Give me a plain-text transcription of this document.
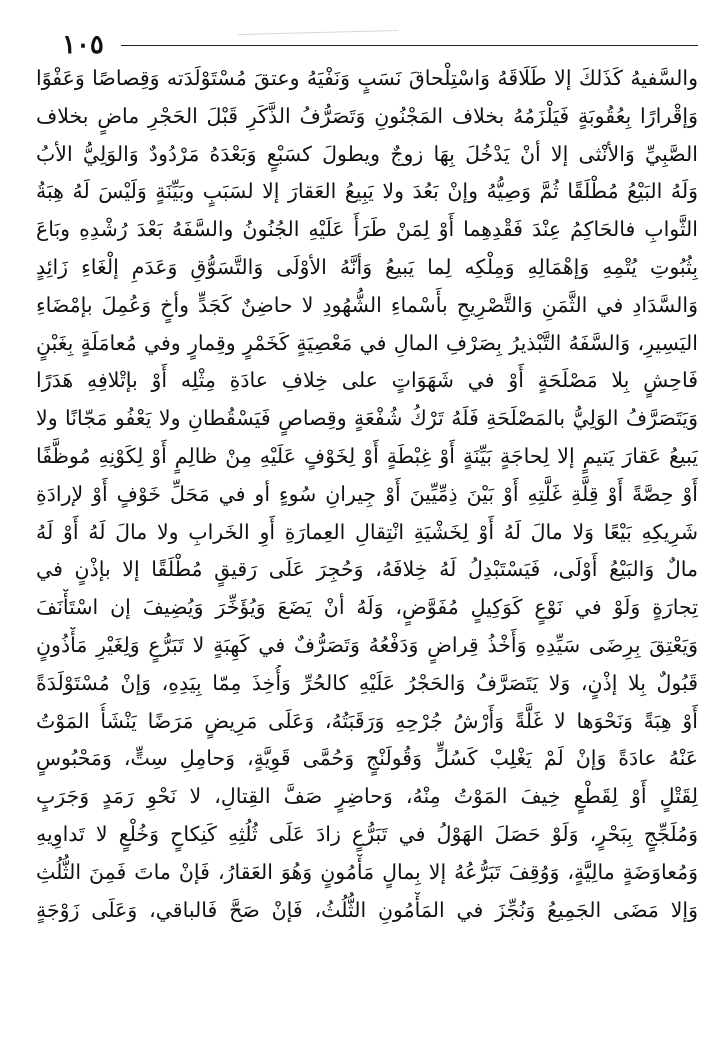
١٠٥
والسَّفيهُ كَذَلكَ إلا طَلَاقَهُ وَاسْتِلْحاقَ نَسَبٍ وَنَفْيَهُ وعتقَ مُسْتَوْلَدَته وَقِصاصًا وَعَفْوًا
وَإقْرارًا بِعُقُوبَةٍ فَيَلْزَمُهُ بخلاف المَجْنُونِ وَتَصَرُّفُ الذَّكَرِ قَبْلَ الحَجْرِ ماضٍ بخلاف
الصَّبِيِّ وَالأنْثى إلا أنْ يَدْخُلَ بِهَا زوجٌ ويطولَ كسَبْعٍ وَبَعْدَهُ مَرْدُودٌ وَالوَلِيُّ الأبُ
وَلَهُ البَيْعُ مُطْلَقًا ثُمَّ وَصِيُّهُ وإنْ بَعُدَ ولا يَبِيعُ العَقارَ إلا لسَبَبٍ وبَيِّنَةٍ وَلَيْسَ لَهُ هِبَةُ
الثَّوابِ فالحَاكِمُ عِنْدَ فَقْدِهِما أَوْ لِمَنْ طَرَأَ عَلَيْهِ الجُنُونُ والسَّفَهُ بَعْدَ رُشْدِهِ وبَاعَ
بِثُبُوتِ يُتْمِهِ وَإهْمَالِهِ وَمِلْكِه لِما يَبيعُ وَأنَّهُ الأوْلَى وَالتَّسَوُّقِ وَعَدَمِ إلْغَاءِ زَائِدٍ
وَالسَّدَادِ في الثَّمَنِ وَالتَّصْرِيحِ بأَسْماءِ الشُّهُودِ لا حاضِنٌ كَجَدٍّ وأخٍ وَعُمِلَ بإمْضَاءِ
اليَسِيرِ، وَالسَّفَهُ التَّبْذيرُ بِصَرْفِ المالِ في مَعْصِيَةٍ كَخَمْرٍ وقِمارٍ وفي مُعامَلَةٍ بِغَبْنٍ
فَاحِشٍ بِلا مَصْلَحَةٍ أَوْ في شَهَوَاتٍ على خِلافِ عادَةِ مِثْلِه أَوْ بإتْلافِهِ هَدَرًا
وَيَتَصَرَّفُ الوَلِيُّ بالمَصْلَحَةِ فَلَهُ تَرْكُ شُفْعَةٍ وقِصاصٍ فَيَسْقُطانِ ولا يَعْفُو مَجّانًا ولا
يَبيعُ عَقارَ يَتيمٍ إلا لِحاجَةٍ بَيِّنَةٍ أَوْ غِبْطَةٍ أَوْ لِخَوْفٍ عَلَيْهِ مِنْ ظالِمٍ أَوْ لِكَوْنِهِ مُوظَّفًا
أَوْ حِصَّةً أَوْ قِلَّةِ غَلَّتِهِ أَوْ بَيْنَ ذِمِّيِّينَ أَوْ جِيرانِ سُوءٍ أو في مَحَلِّ خَوْفٍ أَوْ لإرادَةِ
شَرِيكِهِ بَيْعًا وَلا مالَ لَهُ أَوْ لِخَشْيَةِ انْتِقالِ العِمارَةِ أَوِ الخَرابِ ولا مالَ لَهُ أَوْ لَهُ
مالٌ وَالبَيْعُ أَوْلَى، فَيَسْتَبْدِلُ لَهُ خِلافَهُ، وَحُجِرَ عَلَى رَقيقٍ مُطْلَقًا إلا بإذْنٍ في
تِجارَةٍ وَلَوْ في نَوْعٍ كَوَكِيلٍ مُفَوَّضٍ، وَلَهُ أنْ يَضَعَ وَيُؤَخِّرَ وَيُضِيفَ إن اسْتَأْنَفَ
وَيَعْتِقَ بِرِضَى سَيِّدِهِ وَأَخْذُ قِراضٍ وَدَفْعُهُ وَتَصَرُّفٌ في كَهِبَةٍ لا تَبَرُّعٍ وَلِغَيْرِ مَأْذُونٍ
قَبُولٌ بِلا إذْنٍ، وَلا يَتَصَرَّفُ وَالحَجْرُ عَلَيْهِ كالحُرِّ وَأُخِذَ مِمّا بِيَدِهِ، وَإنْ مُسْتَوْلَدَةً
أَوْ هِبَةً وَنَحْوَها لا غَلَّةً وَأَرْشُ جُرْحِهِ وَرَقَبَتُهُ، وَعَلَى مَرِيضٍ مَرَضًا يَنْشَأُ المَوْتُ
عَنْهُ عادَةً وَإنْ لَمْ يَغْلِبْ كَسُلٍّ وَقُولَنْجٍ وَحُمَّى قَوِيَّةٍ، وَحامِلِ سِتٍّ، وَمَحْبُوسٍ
لِقَتْلٍ أَوْ لِقَطْعٍ خِيفَ المَوْتُ مِنْهُ، وَحاضِرٍ صَفَّ القِتالِ، لا نَحْوِ رَمَدٍ وَجَرَبٍ
وَمُلَجِّجٍ بِبَحْرٍ، وَلَوْ حَصَلَ الهَوْلُ في تَبَرُّعٍ زادَ عَلَى ثُلُثِهِ كَنِكاحٍ وَخُلْعٍ لا تَداوِيهِ
وَمُعاوَضَةٍ مالِيَّةٍ، وَوُقِفَ تَبَرُّعُهُ إلا بِمالٍ مَأْمُونٍ وَهُوَ العَقارُ، فَإنْ ماتَ فَمِنَ الثُّلُثِ
وَإلا مَضَى الجَمِيعُ وَنُجِّزَ في المَأْمُونِ الثُّلُثُ، فَإنْ صَحَّ فَالباقي، وَعَلَى زَوْجَةٍ
